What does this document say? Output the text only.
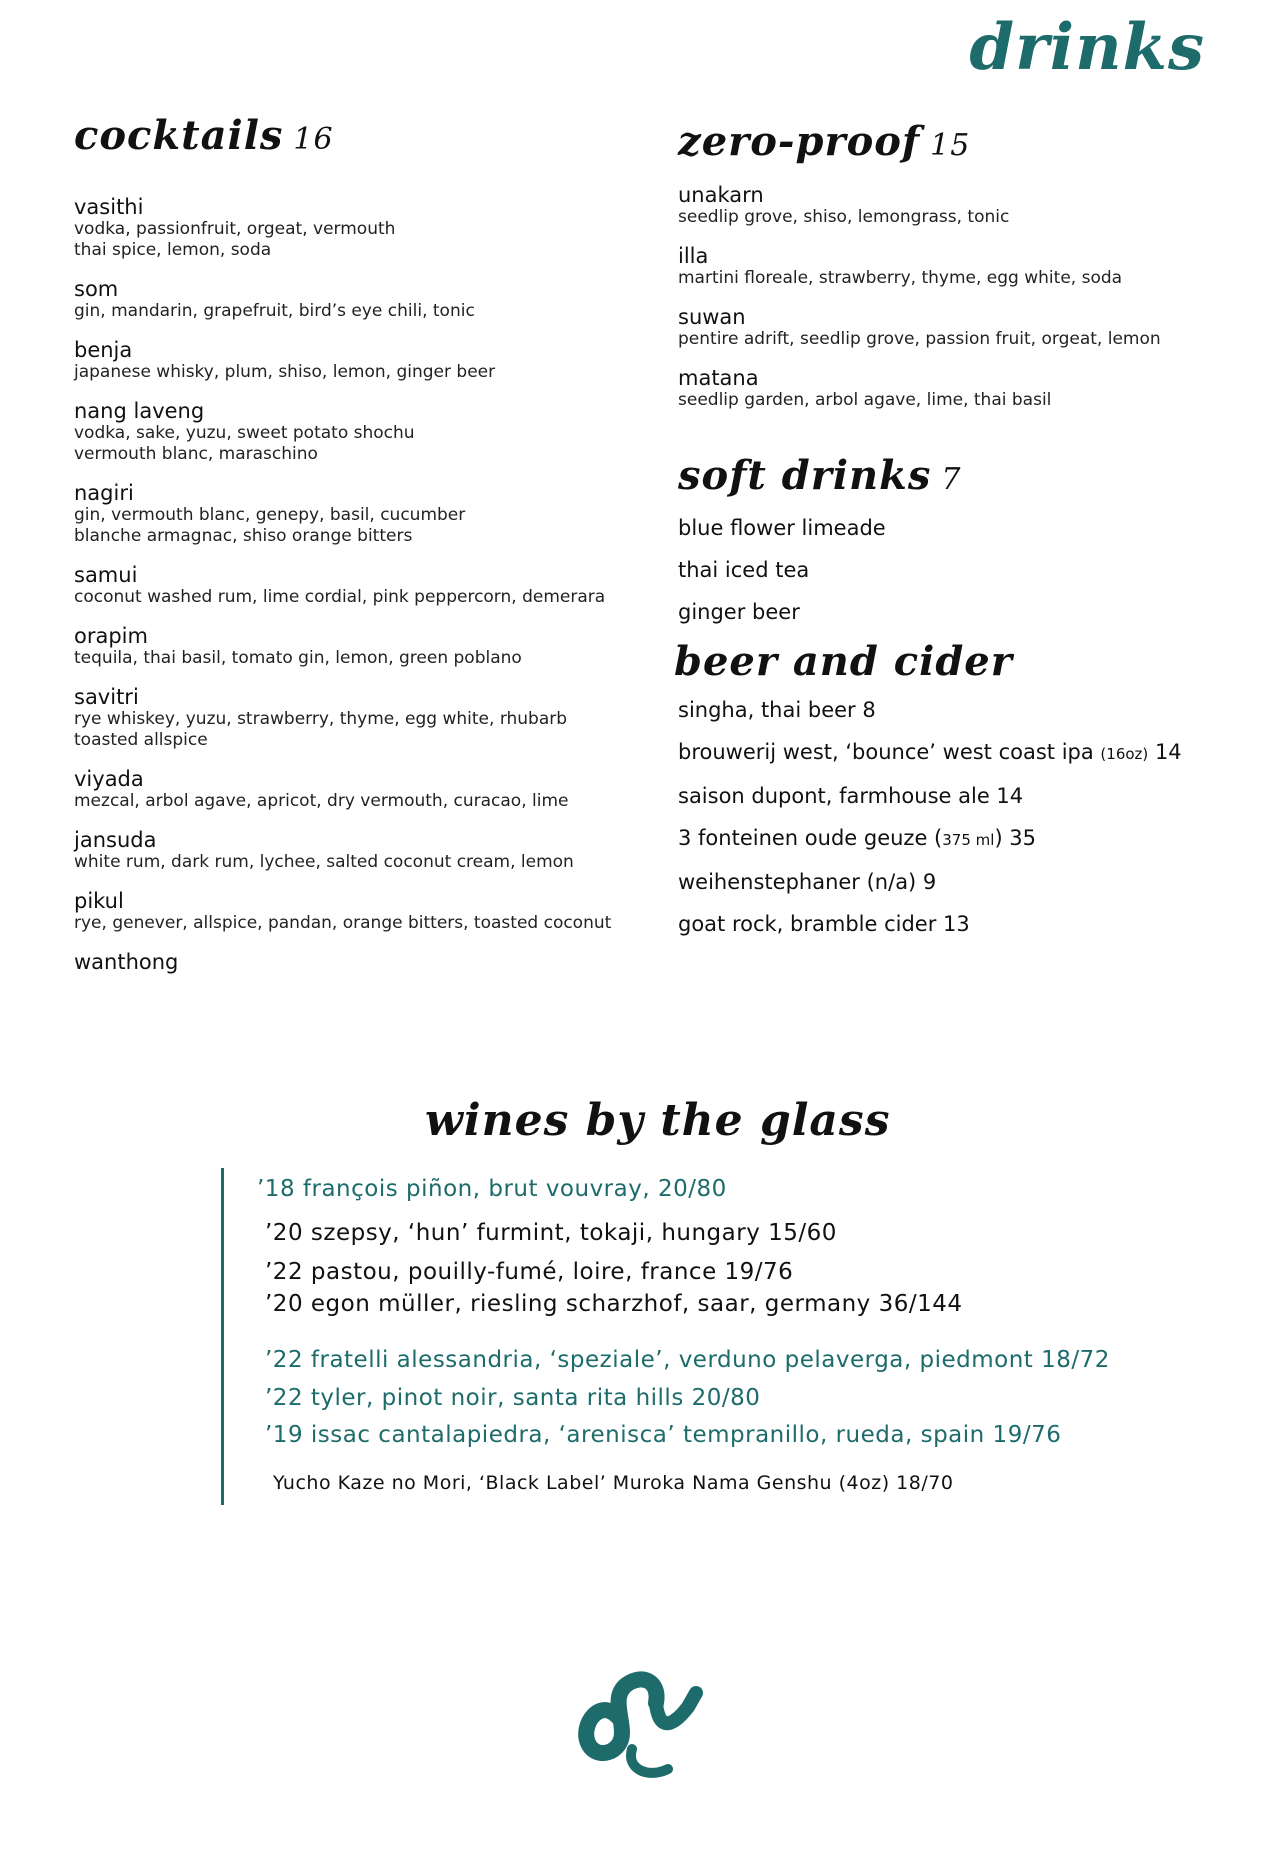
drinks
cocktails 16
vasithi
vodka, passionfruit, orgeat, vermouth
thai spice, lemon, soda
som
gin, mandarin, grapefruit, bird’s eye chili, tonic
benja
japanese whisky, plum, shiso, lemon, ginger beer
nang laveng
vodka, sake, yuzu, sweet potato shochu
vermouth blanc, maraschino
nagiri
gin, vermouth blanc, genepy, basil, cucumber
blanche armagnac, shiso orange bitters
samui
coconut washed rum, lime cordial, pink peppercorn, demerara
orapim
tequila, thai basil, tomato gin, lemon, green poblano
savitri
rye whiskey, yuzu, strawberry, thyme, egg white, rhubarb
toasted allspice
viyada
mezcal, arbol agave, apricot, dry vermouth, curacao, lime
jansuda
white rum, dark rum, lychee, salted coconut cream, lemon
pikul
rye, genever, allspice, pandan, orange bitters, toasted coconut
wanthong
zero-proof 15
unakarn
seedlip grove, shiso, lemongrass, tonic
illa
martini floreale, strawberry, thyme, egg white, soda
suwan
pentire adrift, seedlip grove, passion fruit, orgeat, lemon
matana
seedlip garden, arbol agave, lime, thai basil
soft drinks 7
blue flower limeade
thai iced tea
ginger beer
beer and cider
singha, thai beer 8
brouwerij west, ‘bounce’ west coast ipa (16oz) 14
saison dupont, farmhouse ale 14
3 fonteinen oude geuze (375 ml) 35
weihenstephaner (n/a) 9
goat rock, bramble cider 13
wines by the glass
’18 françois piñon, brut vouvray, 20/80
’20 szepsy, ‘hun’ furmint, tokaji, hungary 15/60
’22 pastou, pouilly-fumé, loire, france 19/76
’20 egon müller, riesling scharzhof, saar, germany 36/144
’22 fratelli alessandria, ‘speziale’, verduno pelaverga, piedmont 18/72
’22 tyler, pinot noir, santa rita hills 20/80
’19 issac cantalapiedra, ‘arenisca’ tempranillo, rueda, spain 19/76
Yucho Kaze no Mori, ‘Black Label’ Muroka Nama Genshu (4oz) 18/70
